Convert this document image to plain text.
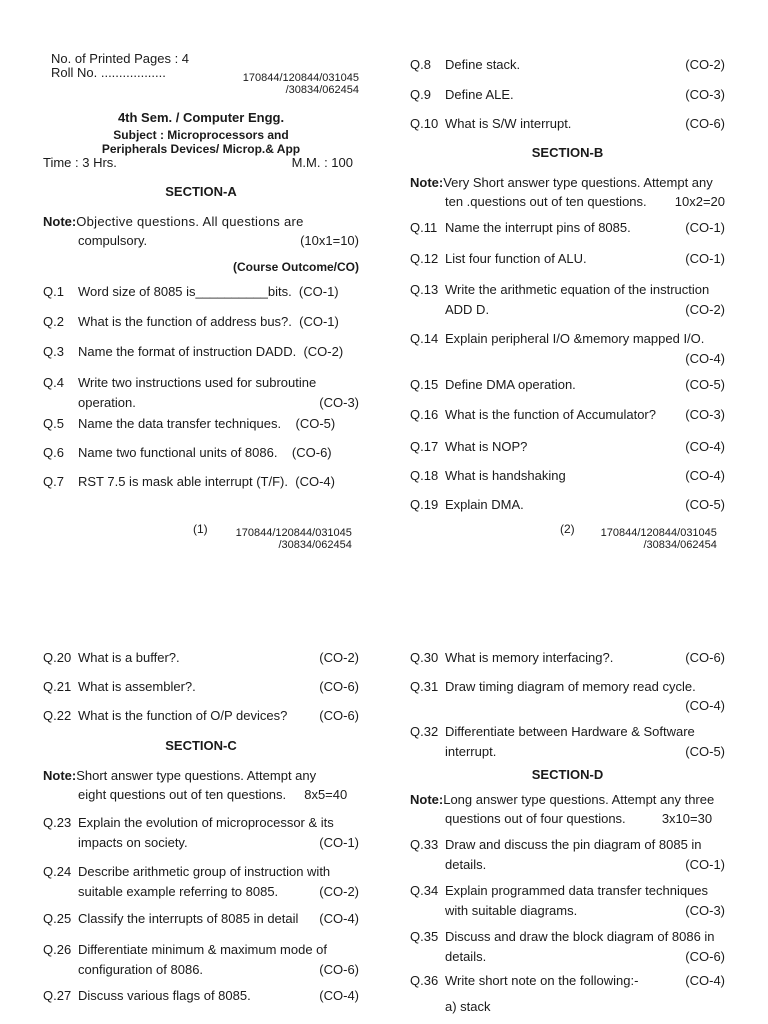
No. of Printed Pages : 4
Roll No. ..................	170844/120844/031045
/30834/062454
4th Sem. / Computer Engg.
Subject : Microprocessors and
Peripherals Devices/ Microp.& App
Time : 3 Hrs.	M.M. : 100
SECTION-A
Note: Objective questions. All questions are
compulsory.	(10x1=10)
(Course Outcome/CO)
Q.1	Word size of 8085 is__________bits. (CO-1)
Q.2	What is the function of address bus?. (CO-1)
Q.3	Name the format of instruction DADD. (CO-2)
Q.4	Write two instructions used for subroutine
operation.	(CO-3)
Q.5	Name the data transfer techniques. (CO-5)
Q.6	Name two functional units of 8086. (CO-6)
Q.7	RST 7.5 is mask able interrupt (T/F). (CO-4)
(1)	170844/120844/031045
/30834/062454
Q.8	Define stack.	(CO-2)
Q.9	Define ALE.	(CO-3)
Q.10 What is S/W interrupt.	(CO-6)
SECTION-B
Note: Very Short answer type questions. Attempt any
ten .questions out of ten questions. 10x2=20
Q.11 Name the interrupt pins of 8085.	(CO-1)
Q.12 List four function of ALU.	(CO-1)
Q.13 Write the arithmetic equation of the instruction
ADD D.	(CO-2)
Q.14 Explain peripheral I/O &memory mapped I/O.
(CO-4)
Q.15 Define DMA operation.	(CO-5)
Q.16 What is the function of Accumulator? (CO-3)
Q.17 What is NOP?	(CO-4)
Q.18 What is handshaking	(CO-4)
Q.19 Explain DMA.	(CO-5)
(2) 170844/120844/031045
/30834/062454
Q.20 What is a buffer?.	(CO-2)
Q.21 What is assembler?.	(CO-6)
Q.22 What is the function of O/P devices? (CO-6)
SECTION-C
Note: Short answer type questions. Attempt any
eight questions out of ten questions. 8x5=40
Q.23 Explain the evolution of microprocessor & its
impacts on society.	(CO-1)
Q.24 Describe arithmetic group of instruction with
suitable example referring to 8085.	(CO-2)
Q.25 Classify the interrupts of 8085 in detail (CO-4)
Q.26 Differentiate minimum & maximum mode of
configuration of 8086.	(CO-6)
Q.27 Discuss various flags of 8085.	(CO-4)
Q.30 What is memory interfacing?.	(CO-6)
Q.31 Draw timing diagram of memory read cycle.
(CO-4)
Q.32 Differentiate between Hardware & Software
interrupt.	(CO-5)
SECTION-D
Note: Long answer type questions. Attempt any three
questions out of four questions.	3x10=30
Q.33 Draw and discuss the pin diagram of 8085 in
details.	(CO-1)
Q.34 Explain programmed data transfer techniques
with suitable diagrams.	(CO-3)
Q.35 Discuss and draw the block diagram of 8086 in
details.	(CO-6)
Q.36 Write short note on the following:-	(CO-4)
a) stack
